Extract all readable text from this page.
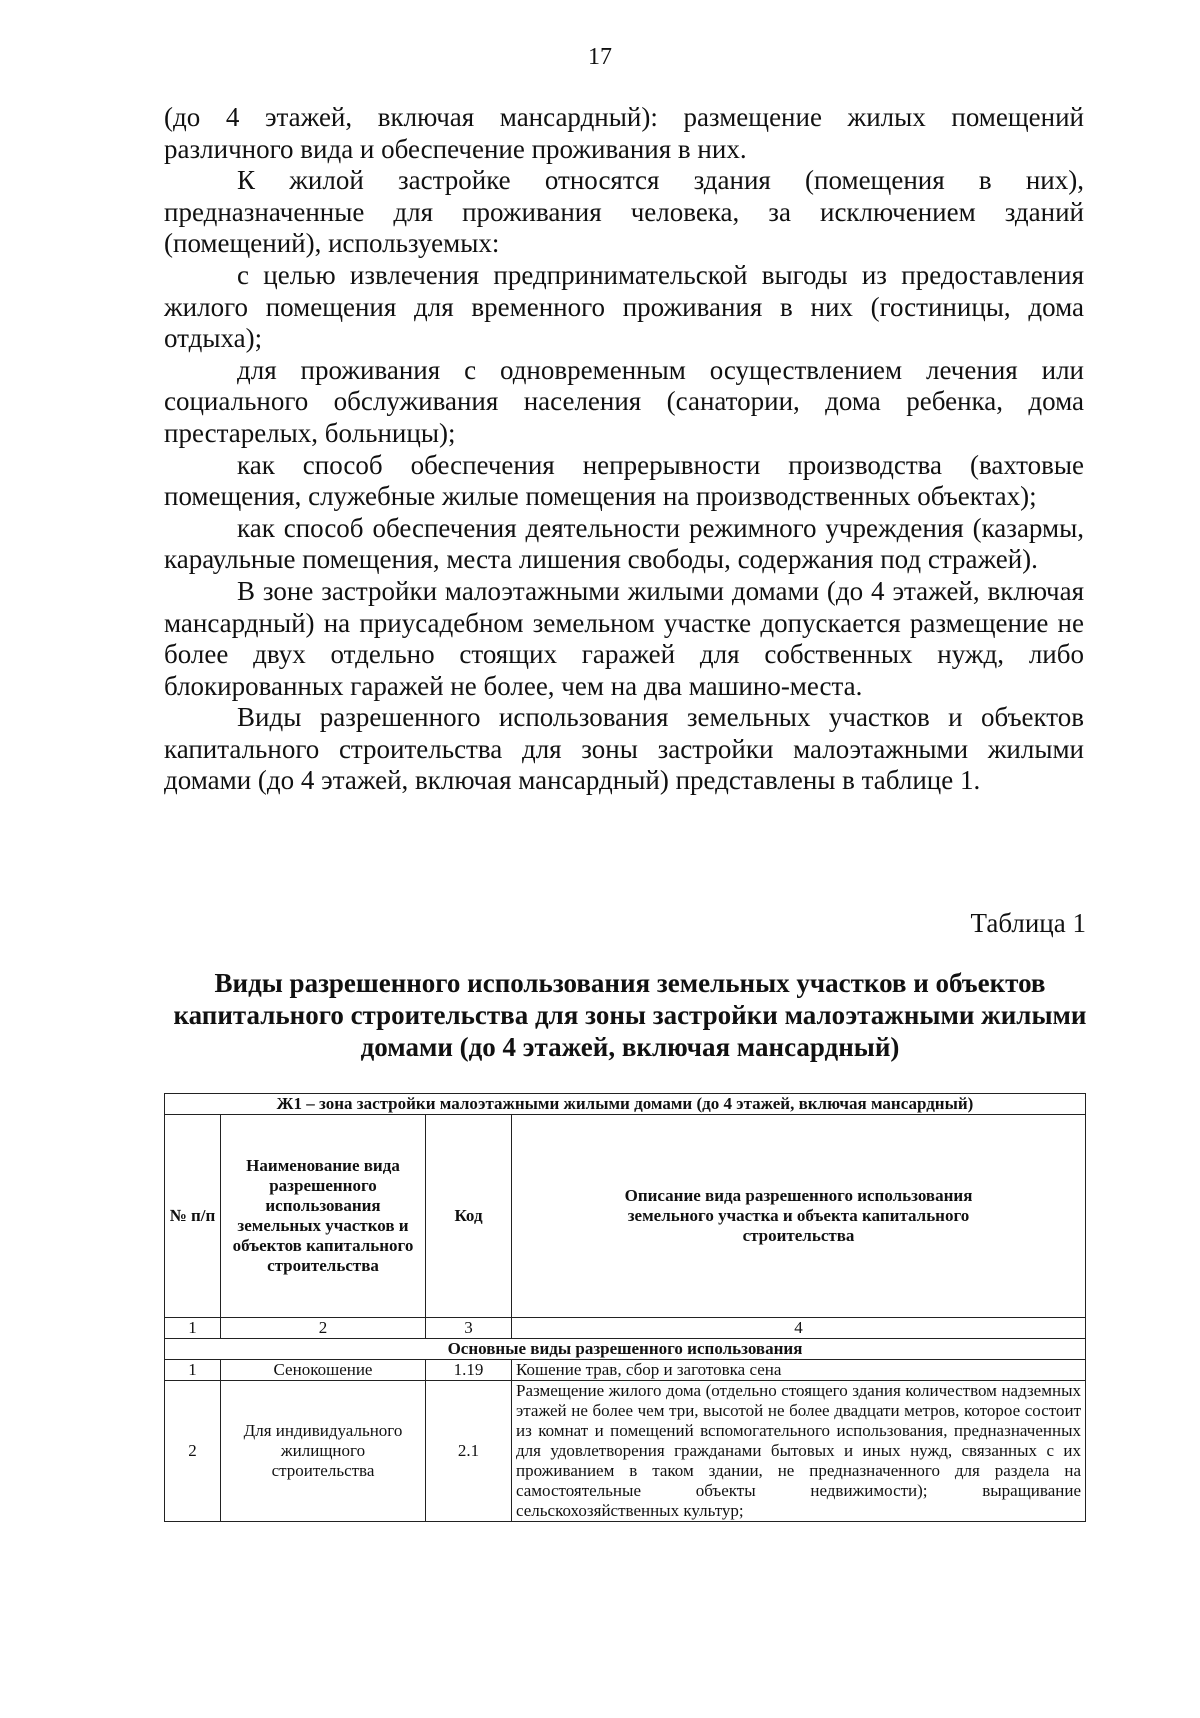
17

(до 4 этажей, включая мансардный): размещение жилых помещений различного вида и обеспечение проживания в них.

К жилой застройке относятся здания (помещения в них), предназначенные для проживания человека, за исключением зданий (помещений), используемых:

с целью извлечения предпринимательской выгоды из предоставления жилого помещения для временного проживания в них (гостиницы, дома отдыха);

для проживания с одновременным осуществлением лечения или социального обслуживания населения (санатории, дома ребенка, дома престарелых, больницы);

как способ обеспечения непрерывности производства (вахтовые помещения, служебные жилые помещения на производственных объектах);

как способ обеспечения деятельности режимного учреждения (казармы, караульные помещения, места лишения свободы, содержания под стражей).

В зоне застройки малоэтажными жилыми домами (до 4 этажей, включая мансардный) на приусадебном земельном участке допускается размещение не более двух отдельно стоящих гаражей для собственных нужд, либо блокированных гаражей не более, чем на два машино-места.

Виды разрешенного использования земельных участков и объектов капитального строительства для зоны застройки малоэтажными жилыми домами (до 4 этажей, включая мансардный) представлены в таблице 1.

Таблица 1
Виды разрешенного использования земельных участков и объектов капитального строительства для зоны застройки малоэтажными жилыми домами (до 4 этажей, включая мансардный)
Ж1 – зона застройки малоэтажными жилыми домами (до 4 этажей, включая мансардный)			
№ п/п	Наименование вида разрешенного использования земельных участков и объектов капитального строительства	Код	Описание вида разрешенного использования земельного участка и объекта капитального строительства
1	2	3	4
Основные виды разрешенного использования			
1	Сенокошение	1.19	Кошение трав, сбор и заготовка сена
2	Для индивидуального жилищного строительства	2.1	Размещение жилого дома (отдельно стоящего здания количеством надземных этажей не более чем три, высотой не более двадцати метров, которое состоит из комнат и помещений вспомогательного использования, предназначенных для удовлетворения гражданами бытовых и иных нужд, связанных с их проживанием в таком здании, не предназначенного для раздела на самостоятельные объекты недвижимости); выращивание сельскохозяйственных культур;
